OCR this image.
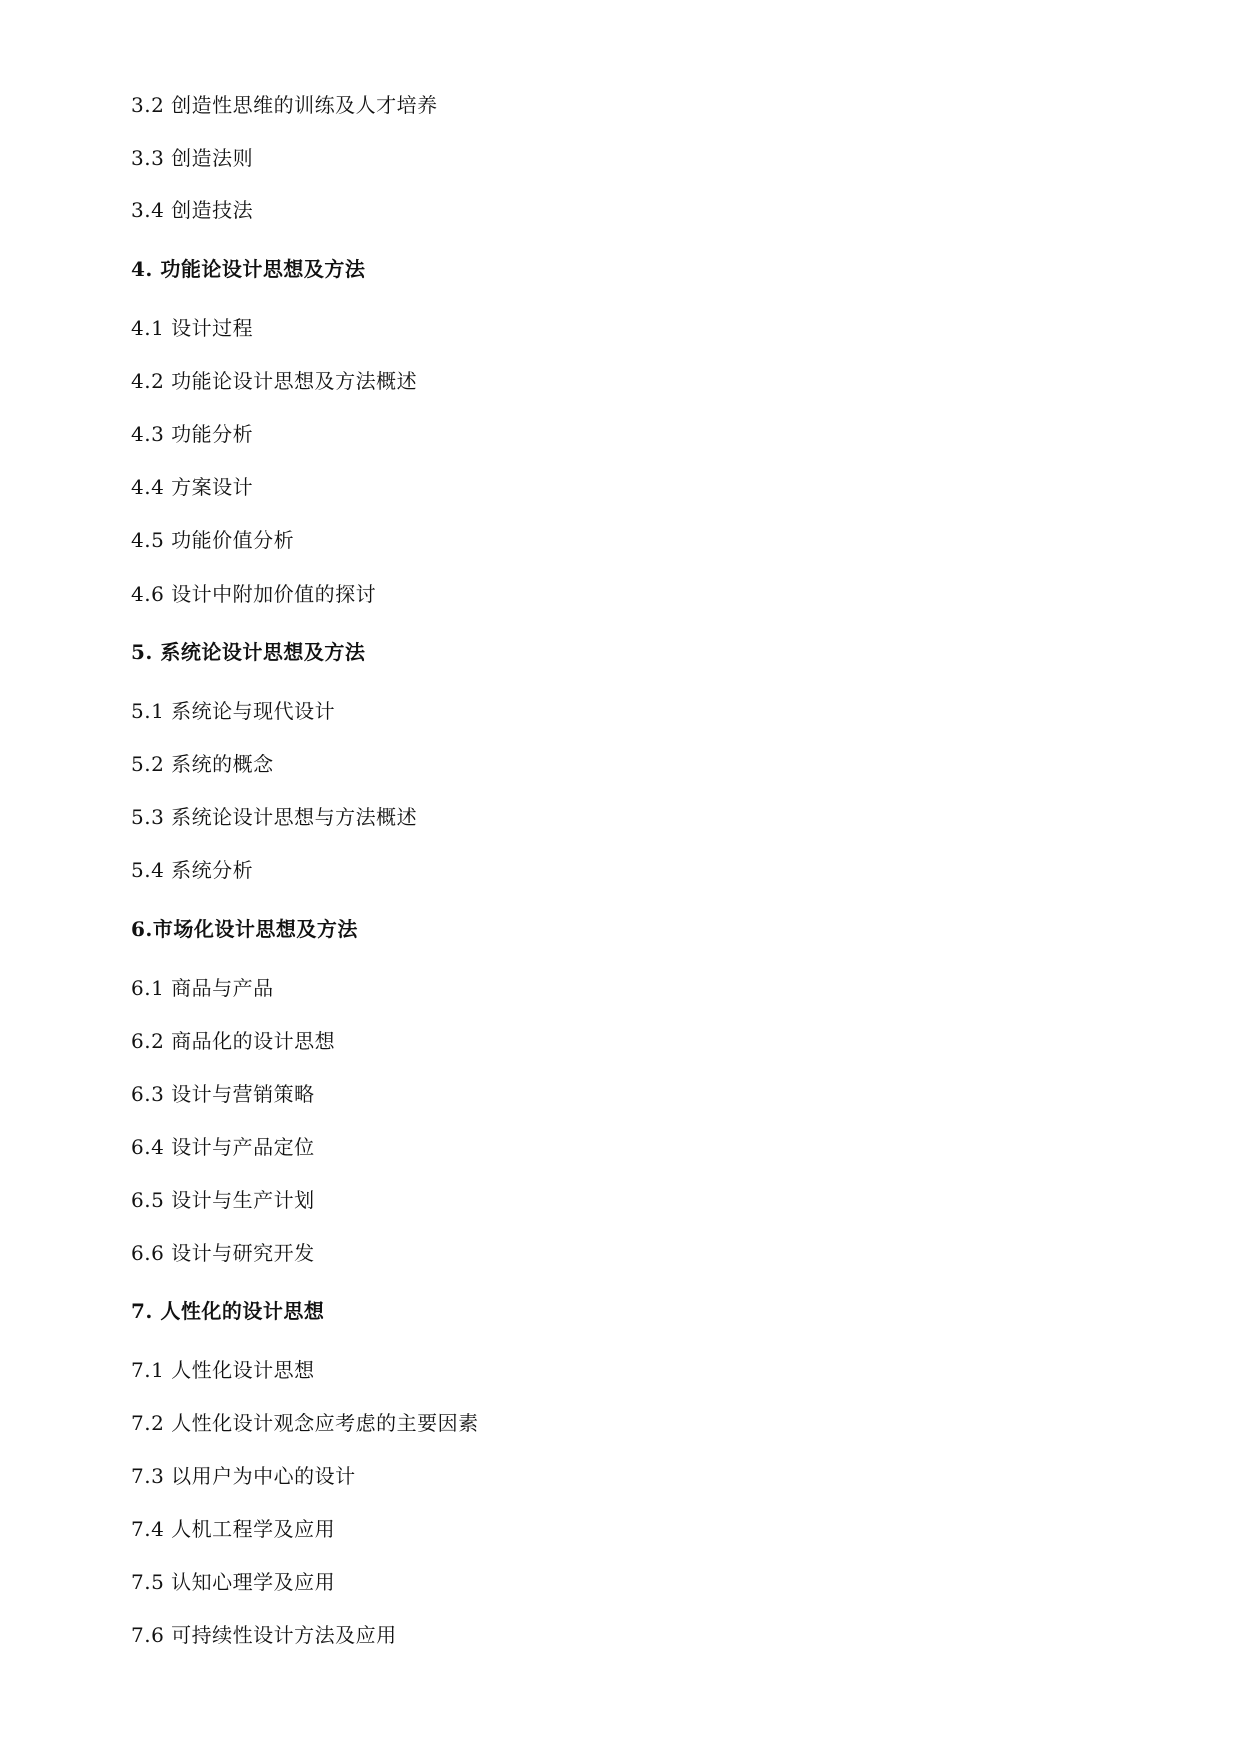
3.2 创造性思维的训练及人才培养
3.3 创造法则
3.4 创造技法
4. 功能论设计思想及方法
4.1 设计过程
4.2 功能论设计思想及方法概述
4.3 功能分析
4.4 方案设计
4.5 功能价值分析
4.6 设计中附加价值的探讨
5. 系统论设计思想及方法
5.1 系统论与现代设计
5.2 系统的概念
5.3 系统论设计思想与方法概述
5.4 系统分析
6.市场化设计思想及方法
6.1 商品与产品
6.2 商品化的设计思想
6.3 设计与营销策略
6.4 设计与产品定位
6.5 设计与生产计划
6.6 设计与研究开发
7. 人性化的设计思想
7.1 人性化设计思想
7.2 人性化设计观念应考虑的主要因素
7.3 以用户为中心的设计
7.4 人机工程学及应用
7.5 认知心理学及应用
7.6 可持续性设计方法及应用
